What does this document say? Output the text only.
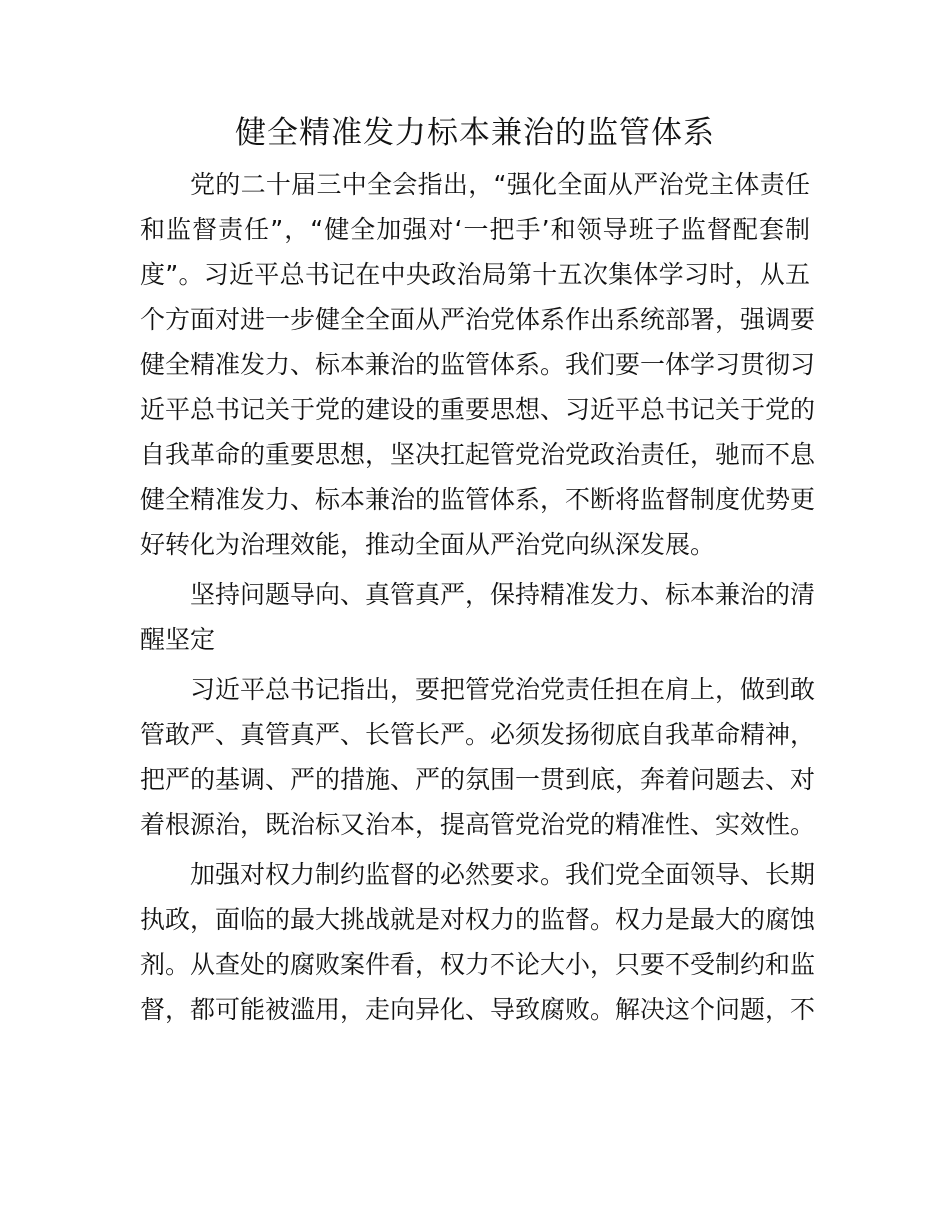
健全精准发力标本兼治的监管体系
党的二十届三中全会指出，“强化全面从严治党主体责任
和监督责任”，“健全加强对‘一把手’和领导班子监督配套制
度”。习近平总书记在中央政治局第十五次集体学习时，从五
个方面对进一步健全全面从严治党体系作出系统部署，强调要
健全精准发力、标本兼治的监管体系。我们要一体学习贯彻习
近平总书记关于党的建设的重要思想、习近平总书记关于党的
自我革命的重要思想，坚决扛起管党治党政治责任，驰而不息
健全精准发力、标本兼治的监管体系，不断将监督制度优势更
好转化为治理效能，推动全面从严治党向纵深发展。
坚持问题导向、真管真严，保持精准发力、标本兼治的清
醒坚定
习近平总书记指出，要把管党治党责任担在肩上，做到敢
管敢严、真管真严、长管长严。必须发扬彻底自我革命精神，
把严的基调、严的措施、严的氛围一贯到底，奔着问题去、对
着根源治，既治标又治本，提高管党治党的精准性、实效性。
加强对权力制约监督的必然要求。我们党全面领导、长期
执政，面临的最大挑战就是对权力的监督。权力是最大的腐蚀
剂。从查处的腐败案件看，权力不论大小，只要不受制约和监
督，都可能被滥用，走向异化、导致腐败。解决这个问题，不
